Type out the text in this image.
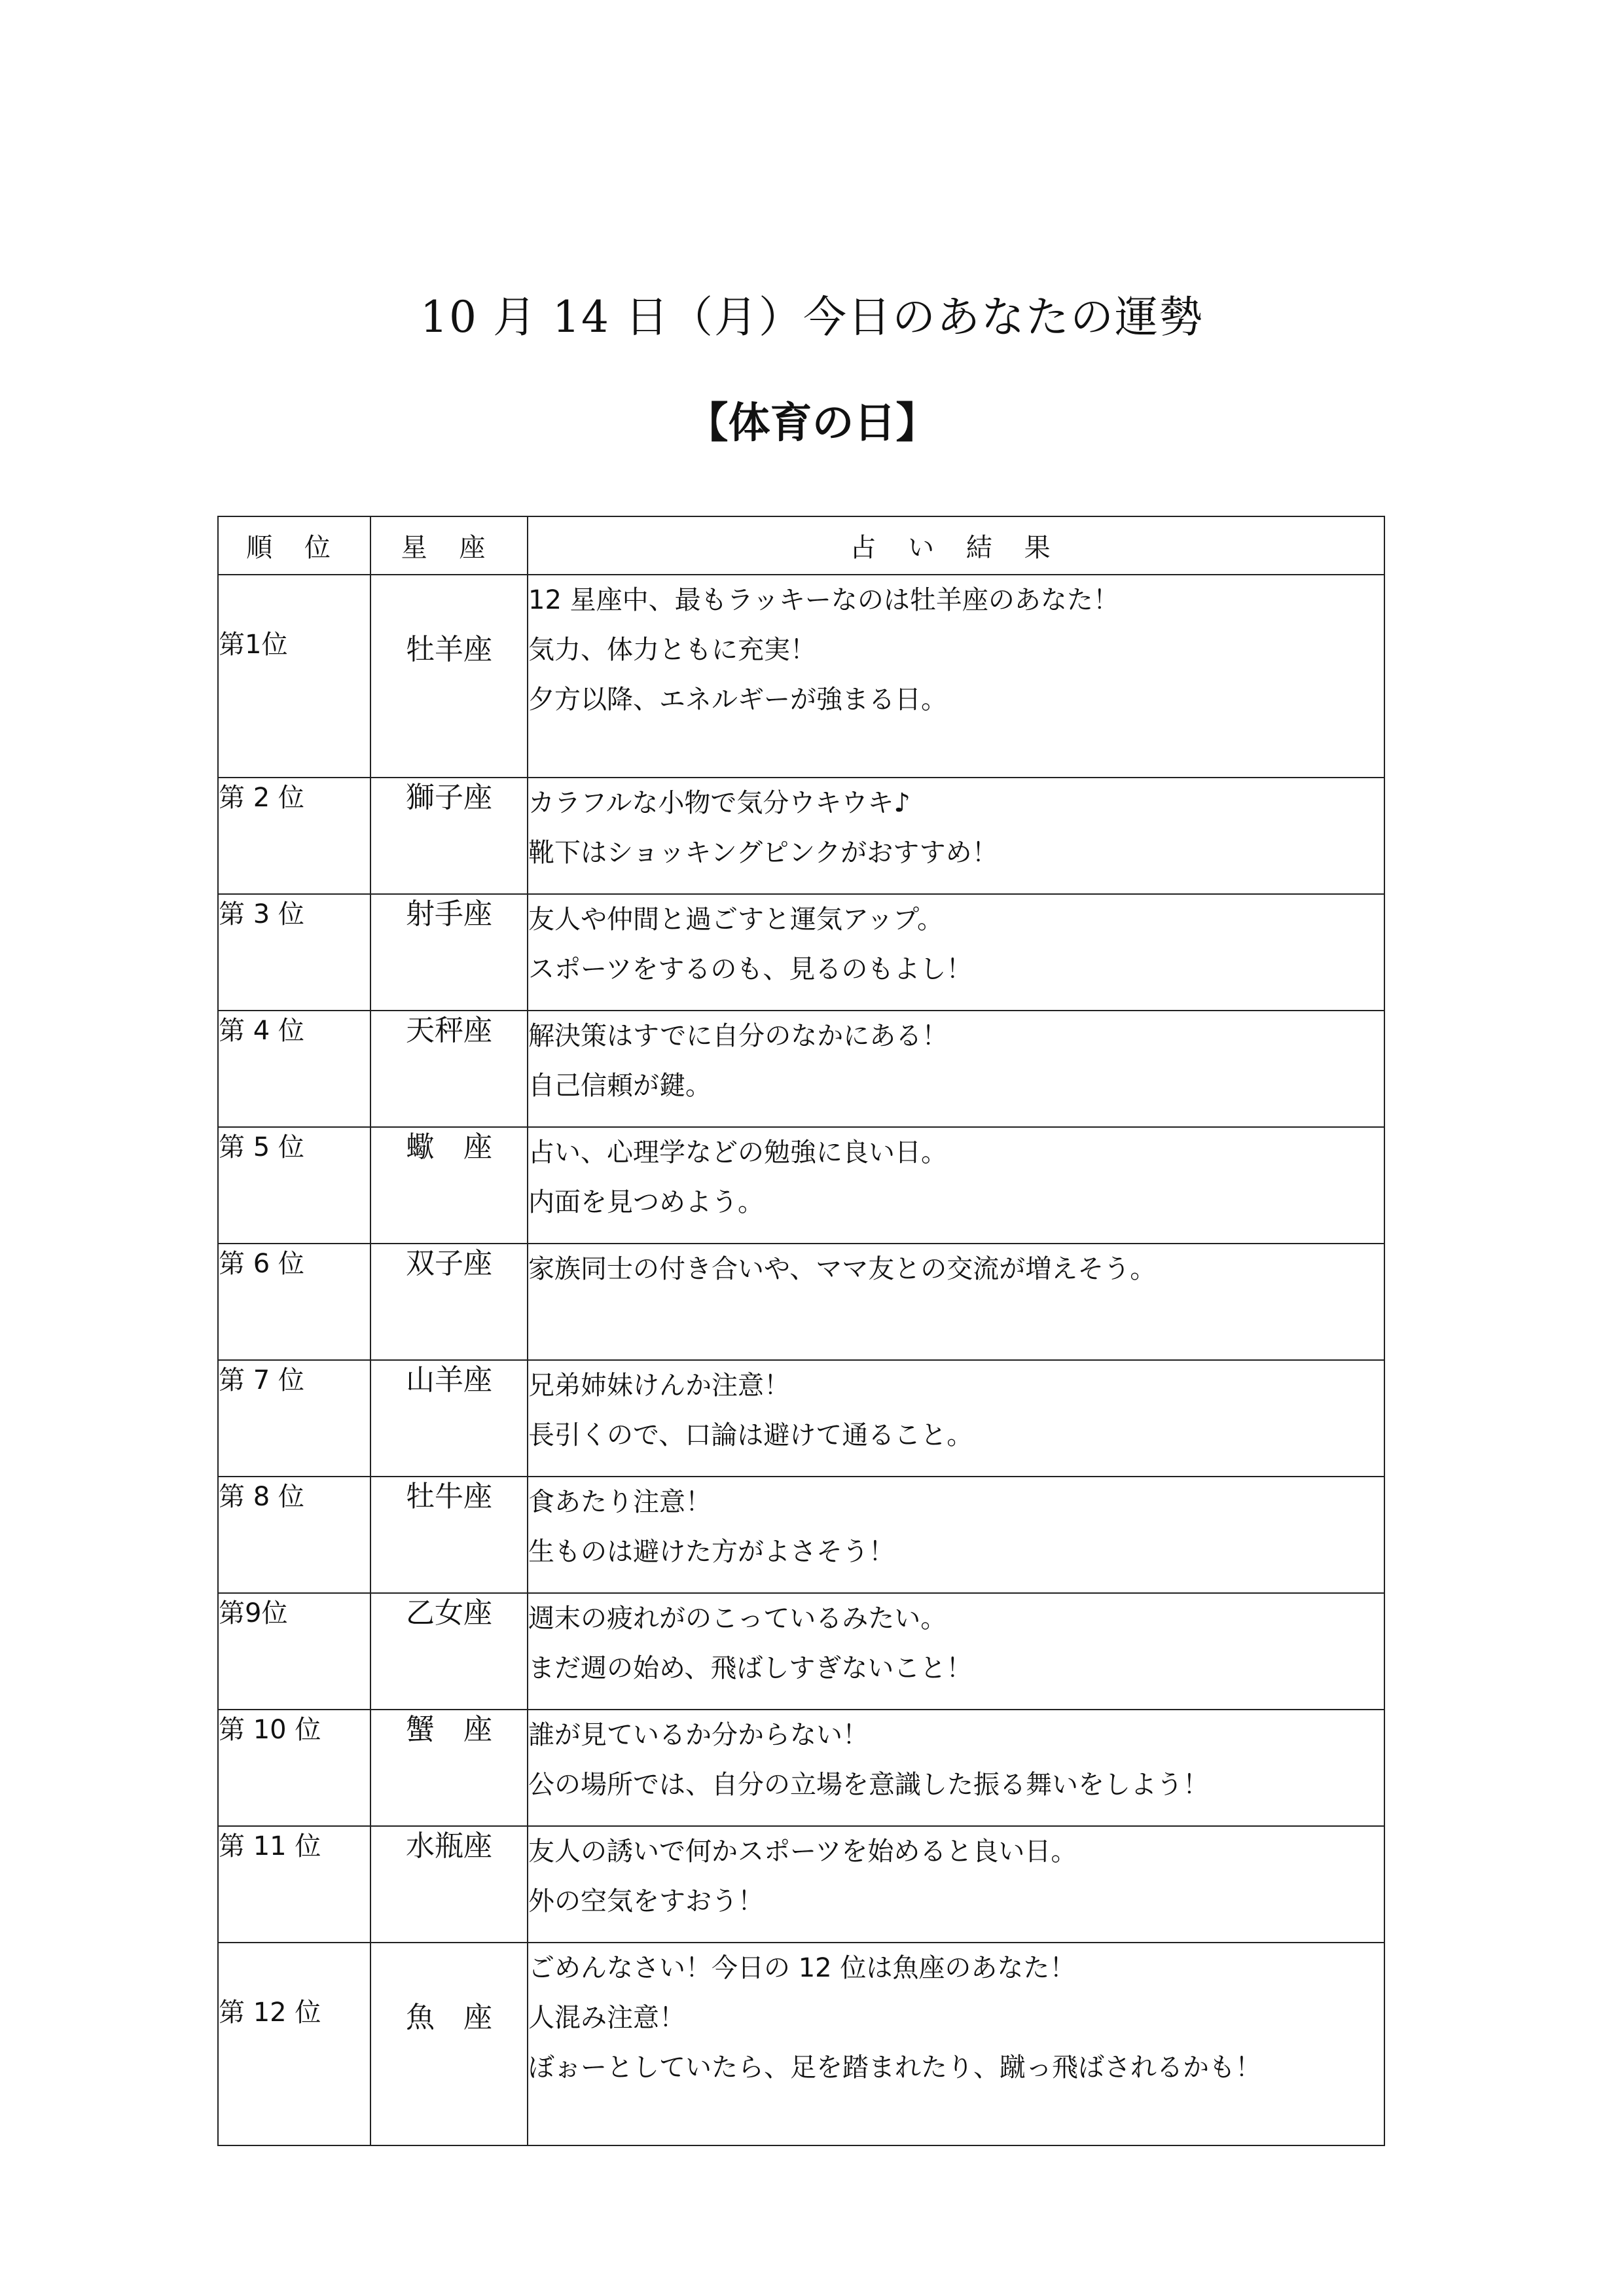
10 月 14 日（月）今日のあなたの運勢
【体育の日】
順 位	星 座	占 い 結 果
第1位	牡羊座	12 星座中、最もラッキーなのは牡羊座のあなた！
気力、体力ともに充実！
夕方以降、エネルギーが強まる日。

第 2 位	獅子座	カラフルな小物で気分ウキウキ♪
靴下はショッキングピンクがおすすめ！

第 3 位	射手座	友人や仲間と過ごすと運気アップ。
スポーツをするのも、見るのもよし！

第 4 位	天秤座	解決策はすでに自分のなかにある！
自己信頼が鍵。

第 5 位	蠍　座	占い、心理学などの勉強に良い日。
内面を見つめよう。

第 6 位	双子座	家族同士の付き合いや、ママ友との交流が増えそう。

第 7 位	山羊座	兄弟姉妹けんか注意！
長引くので、口論は避けて通ること。

第 8 位	牡牛座	食あたり注意！
生ものは避けた方がよさそう！

第9位	乙女座	週末の疲れがのこっているみたい。
まだ週の始め、飛ばしすぎないこと！

第 10 位	蟹　座	誰が見ているか分からない！
公の場所では、自分の立場を意識した振る舞いをしよう！

第 11 位	水瓶座	友人の誘いで何かスポーツを始めると良い日。
外の空気をすおう！

第 12 位	魚　座	ごめんなさい！今日の 12 位は魚座のあなた！
人混み注意！
ぼぉーとしていたら、足を踏まれたり、蹴っ飛ばされるかも！
